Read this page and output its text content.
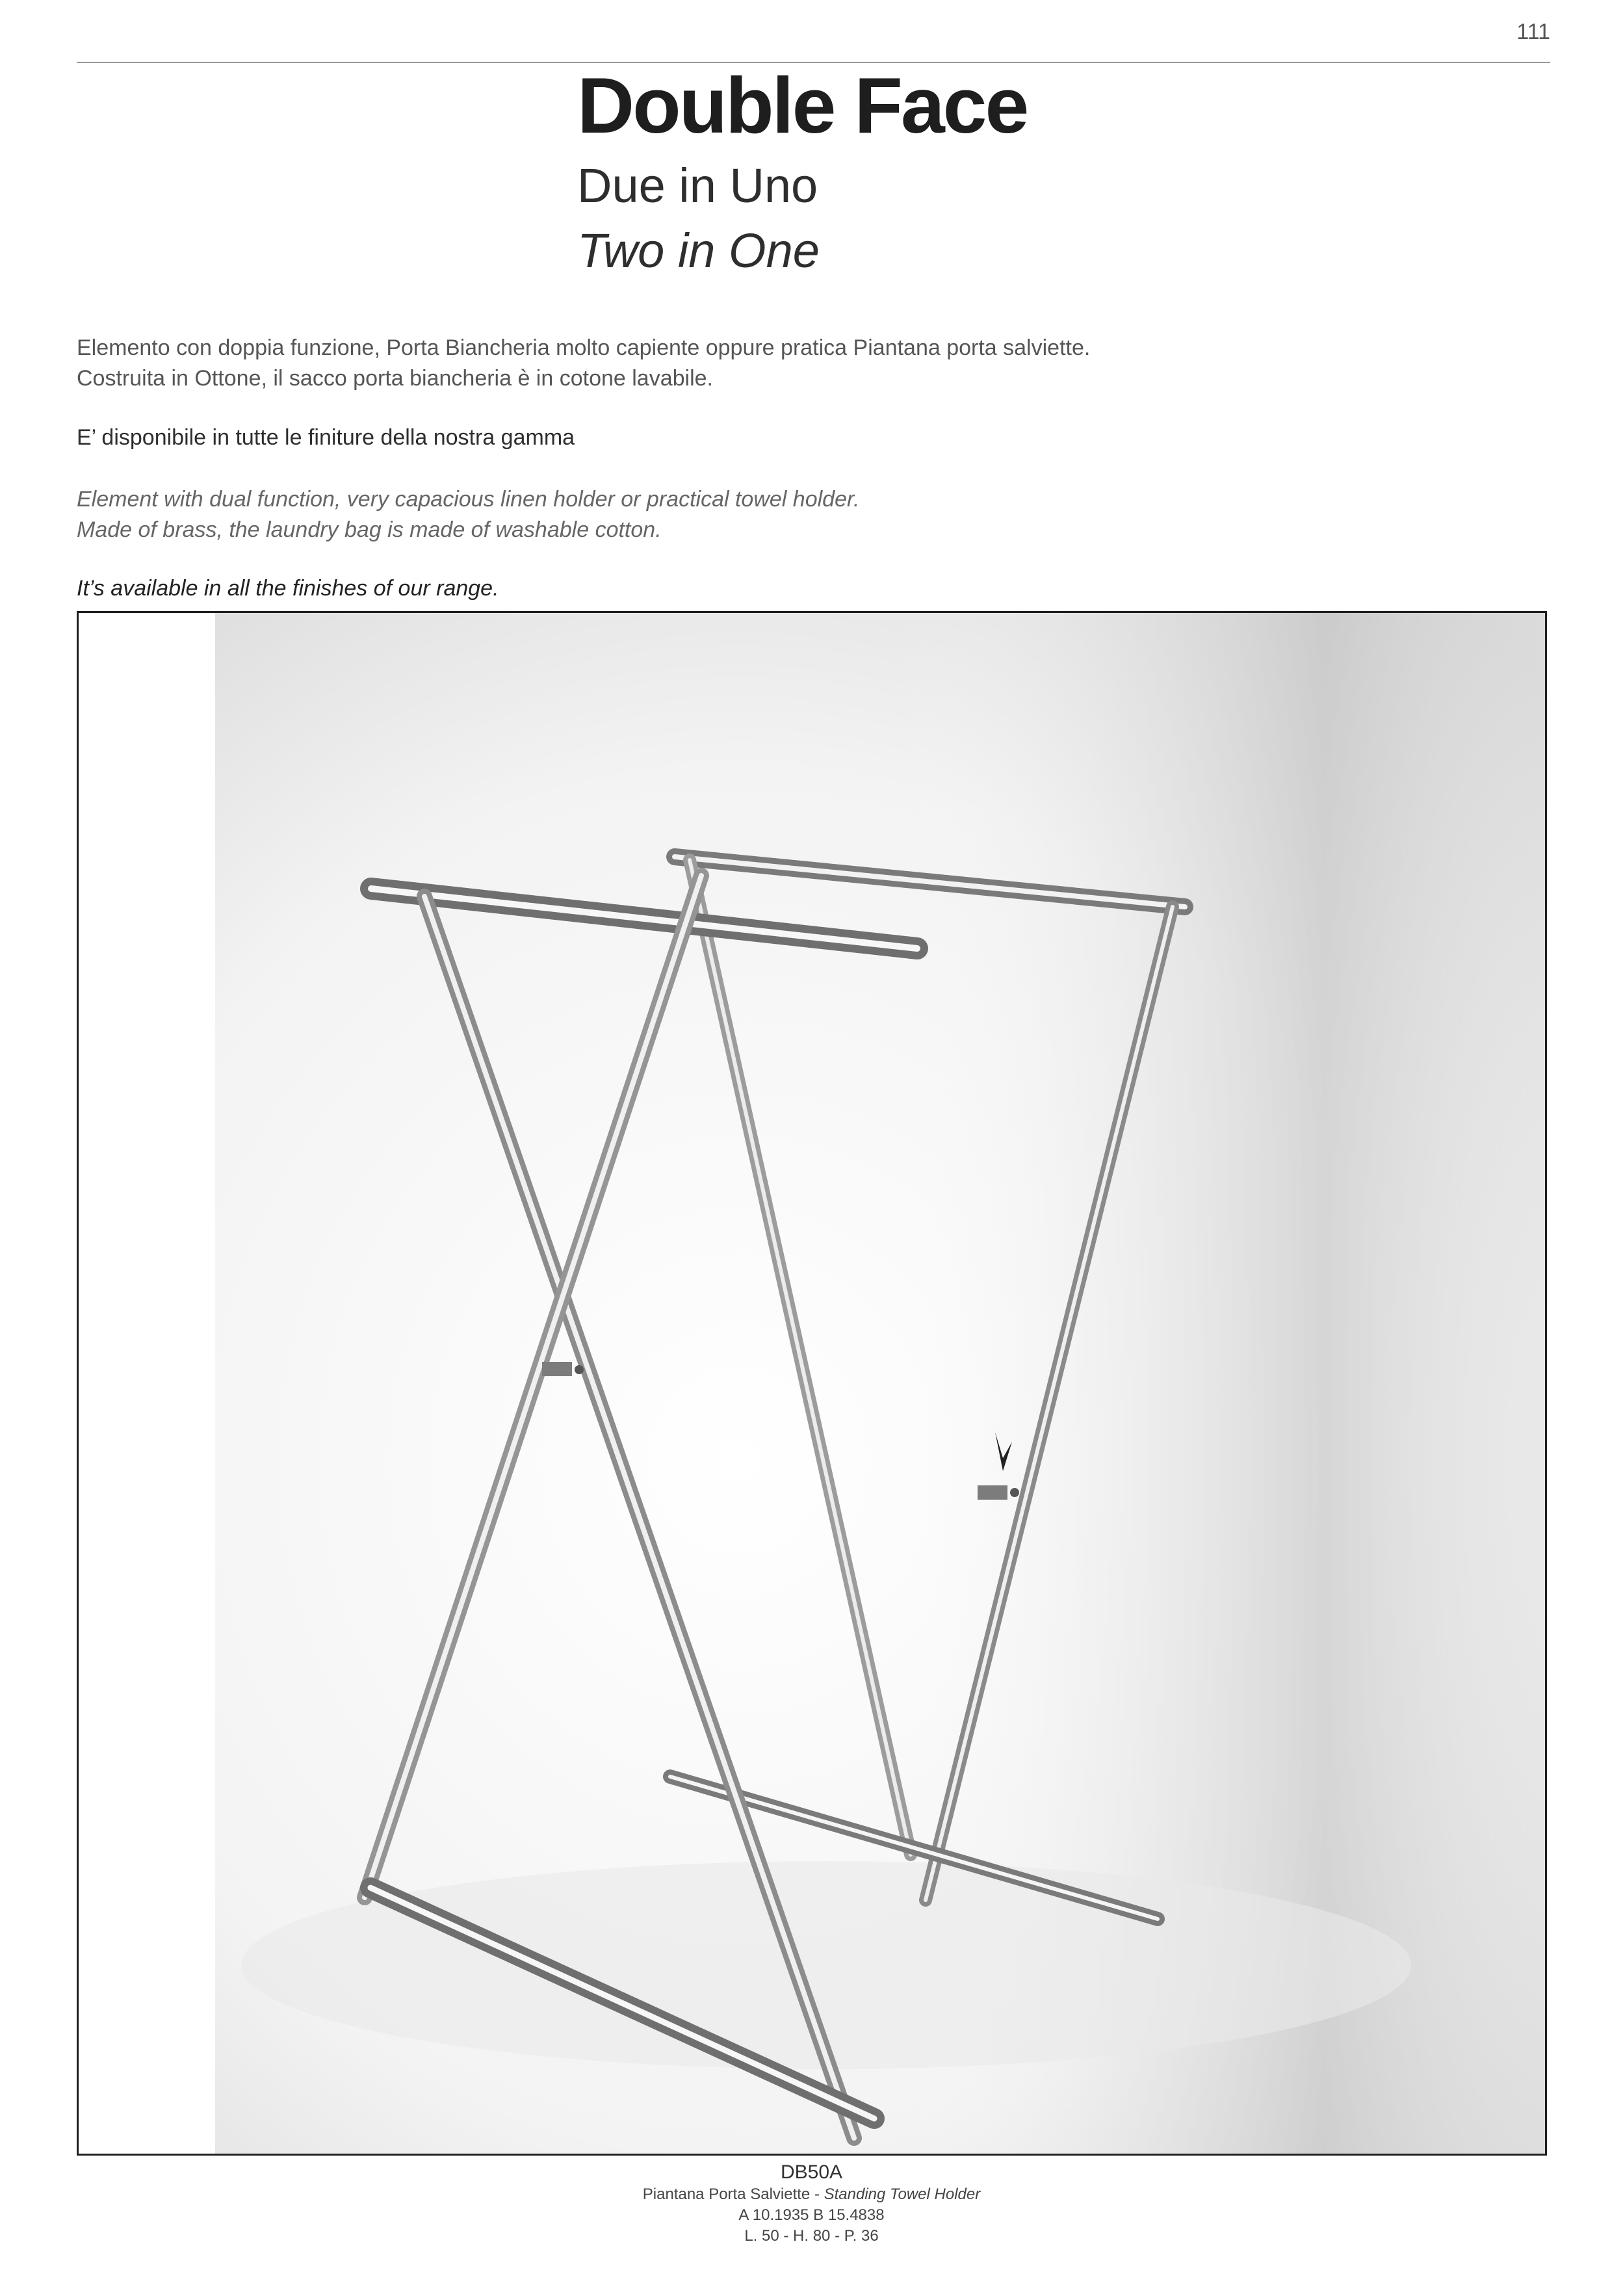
111
Double Face
Due in Uno
Two in One

Elemento con doppia funzione, Porta Biancheria molto capiente oppure pratica Piantana porta salviette.

Costruita in Ottone, il sacco porta biancheria è in cotone lavabile.

E’ disponibile in tutte le finiture della nostra gamma

Element with dual function, very capacious linen holder or practical towel holder.

Made of brass, the laundry bag is made of washable cotton.

It’s available in all the finishes of our range.

DB50A
Piantana Porta Salviette - Standing Towel Holder
A 10.1935 B 15.4838
L. 50 - H. 80 - P. 36
